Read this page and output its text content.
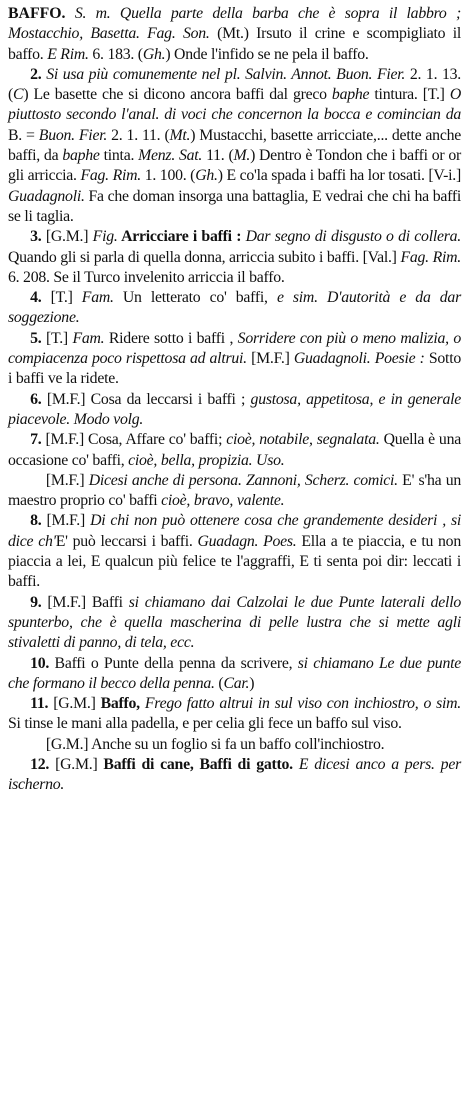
BAFFO. S. m. Quella parte della barba che è sopra il labbro ; Mostacchio, Basetta. Fag. Son. (Mt.) Irsuto il crine e scompigliato il baffo. E Rim. 6. 183. (Gh.) Onde l'infido se ne pela il baffo.

2. Si usa più comunemente nel pl. Salvin. Annot. Buon. Fier. 2. 1. 13. (C) Le basette che si dicono ancora baffi dal greco baphe tintura. [T.] O piuttosto secondo l'anal. di voci che concernon la bocca e comincian da B. = Buon. Fier. 2. 1. 11. (Mt.) Mustacchi, basette arricciate,... dette anche baffi, da baphe tinta. Menz. Sat. 11. (M.) Dentro è Tondon che i baffi or or gli arriccia. Fag. Rim. 1. 100. (Gh.) E co'la spada i baffi ha lor tosati. [V-i.] Guadagnoli. Fa che doman insorga una battaglia, E vedrai che chi ha baffi se li taglia.

3. [G.M.] Fig. Arricciare i baffi : Dar segno di disgusto o di collera. Quando gli si parla di quella donna, arriccia subito i baffi. [Val.] Fag. Rim. 6. 208. Se il Turco invelenito arriccia il baffo.

4. [T.] Fam. Un letterato co' baffi, e sim. D'autorità e da dar soggezione.

5. [T.] Fam. Ridere sotto i baffi , Sorridere con più o meno malizia, o compiacenza poco rispettosa ad altrui. [M.F.] Guadagnoli. Poesie : Sotto i baffi ve la ridete.

6. [M.F.] Cosa da leccarsi i baffi ; gustosa, appetitosa, e in generale piacevole. Modo volg.

7. [M.F.] Cosa, Affare co' baffi; cioè, notabile, segnalata. Quella è una occasione co' baffi, cioè, bella, propizia. Uso.

[M.F.] Dicesi anche di persona. Zannoni, Scherz. comici. E' s'ha un maestro proprio co' baffi cioè, bravo, valente.

8. [M.F.] Di chi non può ottenere cosa che grandemente desideri , si dice ch'E' può leccarsi i baffi. Guadagn. Poes. Ella a te piaccia, e tu non piaccia a lei, E qualcun più felice te l'aggraffi, E ti senta poi dir: leccati i baffi.

9. [M.F.] Baffi si chiamano dai Calzolai le due Punte laterali dello spunterbo, che è quella mascherina di pelle lustra che si mette agli stivaletti di panno, di tela, ecc.

10. Baffi o Punte della penna da scrivere, si chiamano Le due punte che formano il becco della penna. (Car.)

11. [G.M.] Baffo, Frego fatto altrui in sul viso con inchiostro, o sim. Si tinse le mani alla padella, e per celia gli fece un baffo sul viso.

[G.M.] Anche su un foglio si fa un baffo coll'inchiostro.

12. [G.M.] Baffi di cane, Baffi di gatto. E dicesi anco a pers. per ischerno.
